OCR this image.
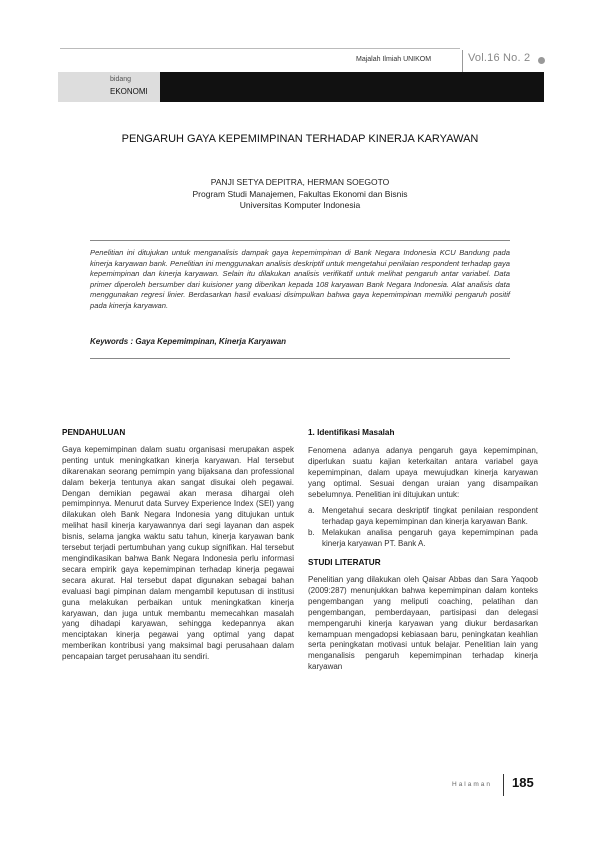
Majalah Ilmiah UNIKOM	Vol.16 No. 2
bidang
EKONOMI
PENGARUH GAYA KEPEMIMPINAN TERHADAP KINERJA KARYAWAN
PANJI SETYA DEPITRA, HERMAN SOEGOTO
Program Studi Manajemen, Fakultas Ekonomi dan Bisnis
Universitas Komputer Indonesia
Penelitian ini ditujukan untuk menganalisis dampak gaya kepemimpinan di Bank Negara Indonesia KCU Bandung pada kinerja karyawan bank. Penelitian ini menggunakan analisis deskriptif untuk mengetahui penilaian respondent terhadap gaya kepemimpinan dan kinerja karyawan. Selain itu dilakukan analisis verifikatif untuk melihat pengaruh antar variabel. Data primer diperoleh bersumber dari kuisioner yang diberikan kepada 108 karyawan Bank Negara Indonesia. Alat analisis data menggunakan regresi linier. Berdasarkan hasil evaluasi disimpulkan bahwa gaya kepemimpinan memiliki pengaruh positif pada kinerja karyawan.
Keywords : Gaya Kepemimpinan, Kinerja Karyawan
PENDAHULUAN
Gaya kepemimpinan dalam suatu organisasi merupakan aspek penting untuk meningkatkan kinerja karyawan. Hal tersebut dikarenakan seorang pemimpin yang bijaksana dan professional dalam bekerja tentunya akan sangat disukai oleh pegawai. Dengan demikian pegawai akan merasa dihargai oleh pemimpinnya. Menurut data Survey Experience Index (SEI) yang dilakukan oleh Bank Negara Indonesia yang ditujukan untuk melihat hasil kinerja karyawannya dari segi layanan dan aspek bisnis, selama jangka waktu satu tahun, kinerja karyawan bank tersebut terjadi pertumbuhan yang cukup signifikan. Hal tersebut mengindikasikan bahwa Bank Negara Indonesia perlu informasi secara empirik gaya kepemimpinan terhadap kinerja pegawai secara akurat. Hal tersebut dapat digunakan sebagai bahan evaluasi bagi pimpinan dalam mengambil keputusan di institusi guna melakukan perbaikan untuk meningkatkan kinerja karyawan, dan juga untuk membantu memecahkan masalah yang dihadapi karyawan, sehingga kedepannya akan menciptakan kinerja pegawai yang optimal yang dapat memberikan kontribusi yang maksimal bagi perusahaan dalam pencapaian target perusahaan itu sendiri.
1. Identifikasi Masalah
Fenomena adanya adanya pengaruh gaya kepemimpinan, diperlukan suatu kajian keterkaitan antara variabel gaya kepemimpinan, dalam upaya mewujudkan kinerja karyawan yang optimal. Sesuai dengan uraian yang disampaikan sebelumnya. Penelitian ini ditujukan untuk:
a. Mengetahui secara deskriptif tingkat penilaian respondent terhadap gaya kepemimpinan dan kinerja karyawan Bank.
b. Melakukan analisa pengaruh gaya kepemimpinan pada kinerja karyawan PT. Bank A.
STUDI LITERATUR
Penelitian yang dilakukan oleh Qaisar Abbas dan Sara Yaqoob (2009:287) menunjukkan bahwa kepemimpinan dalam konteks pengembangan yang meliputi coaching, pelatihan dan pengembangan, pemberdayaan, partisipasi dan delegasi mempengaruhi kinerja karyawan yang diukur berdasarkan kemampuan mengadopsi kebiasaan baru, peningkatan keahlian serta peningkatan motivasi untuk belajar. Penelitian lain yang menganalisis pengaruh kepemimpinan terhadap kinerja karyawan
Halaman 185
